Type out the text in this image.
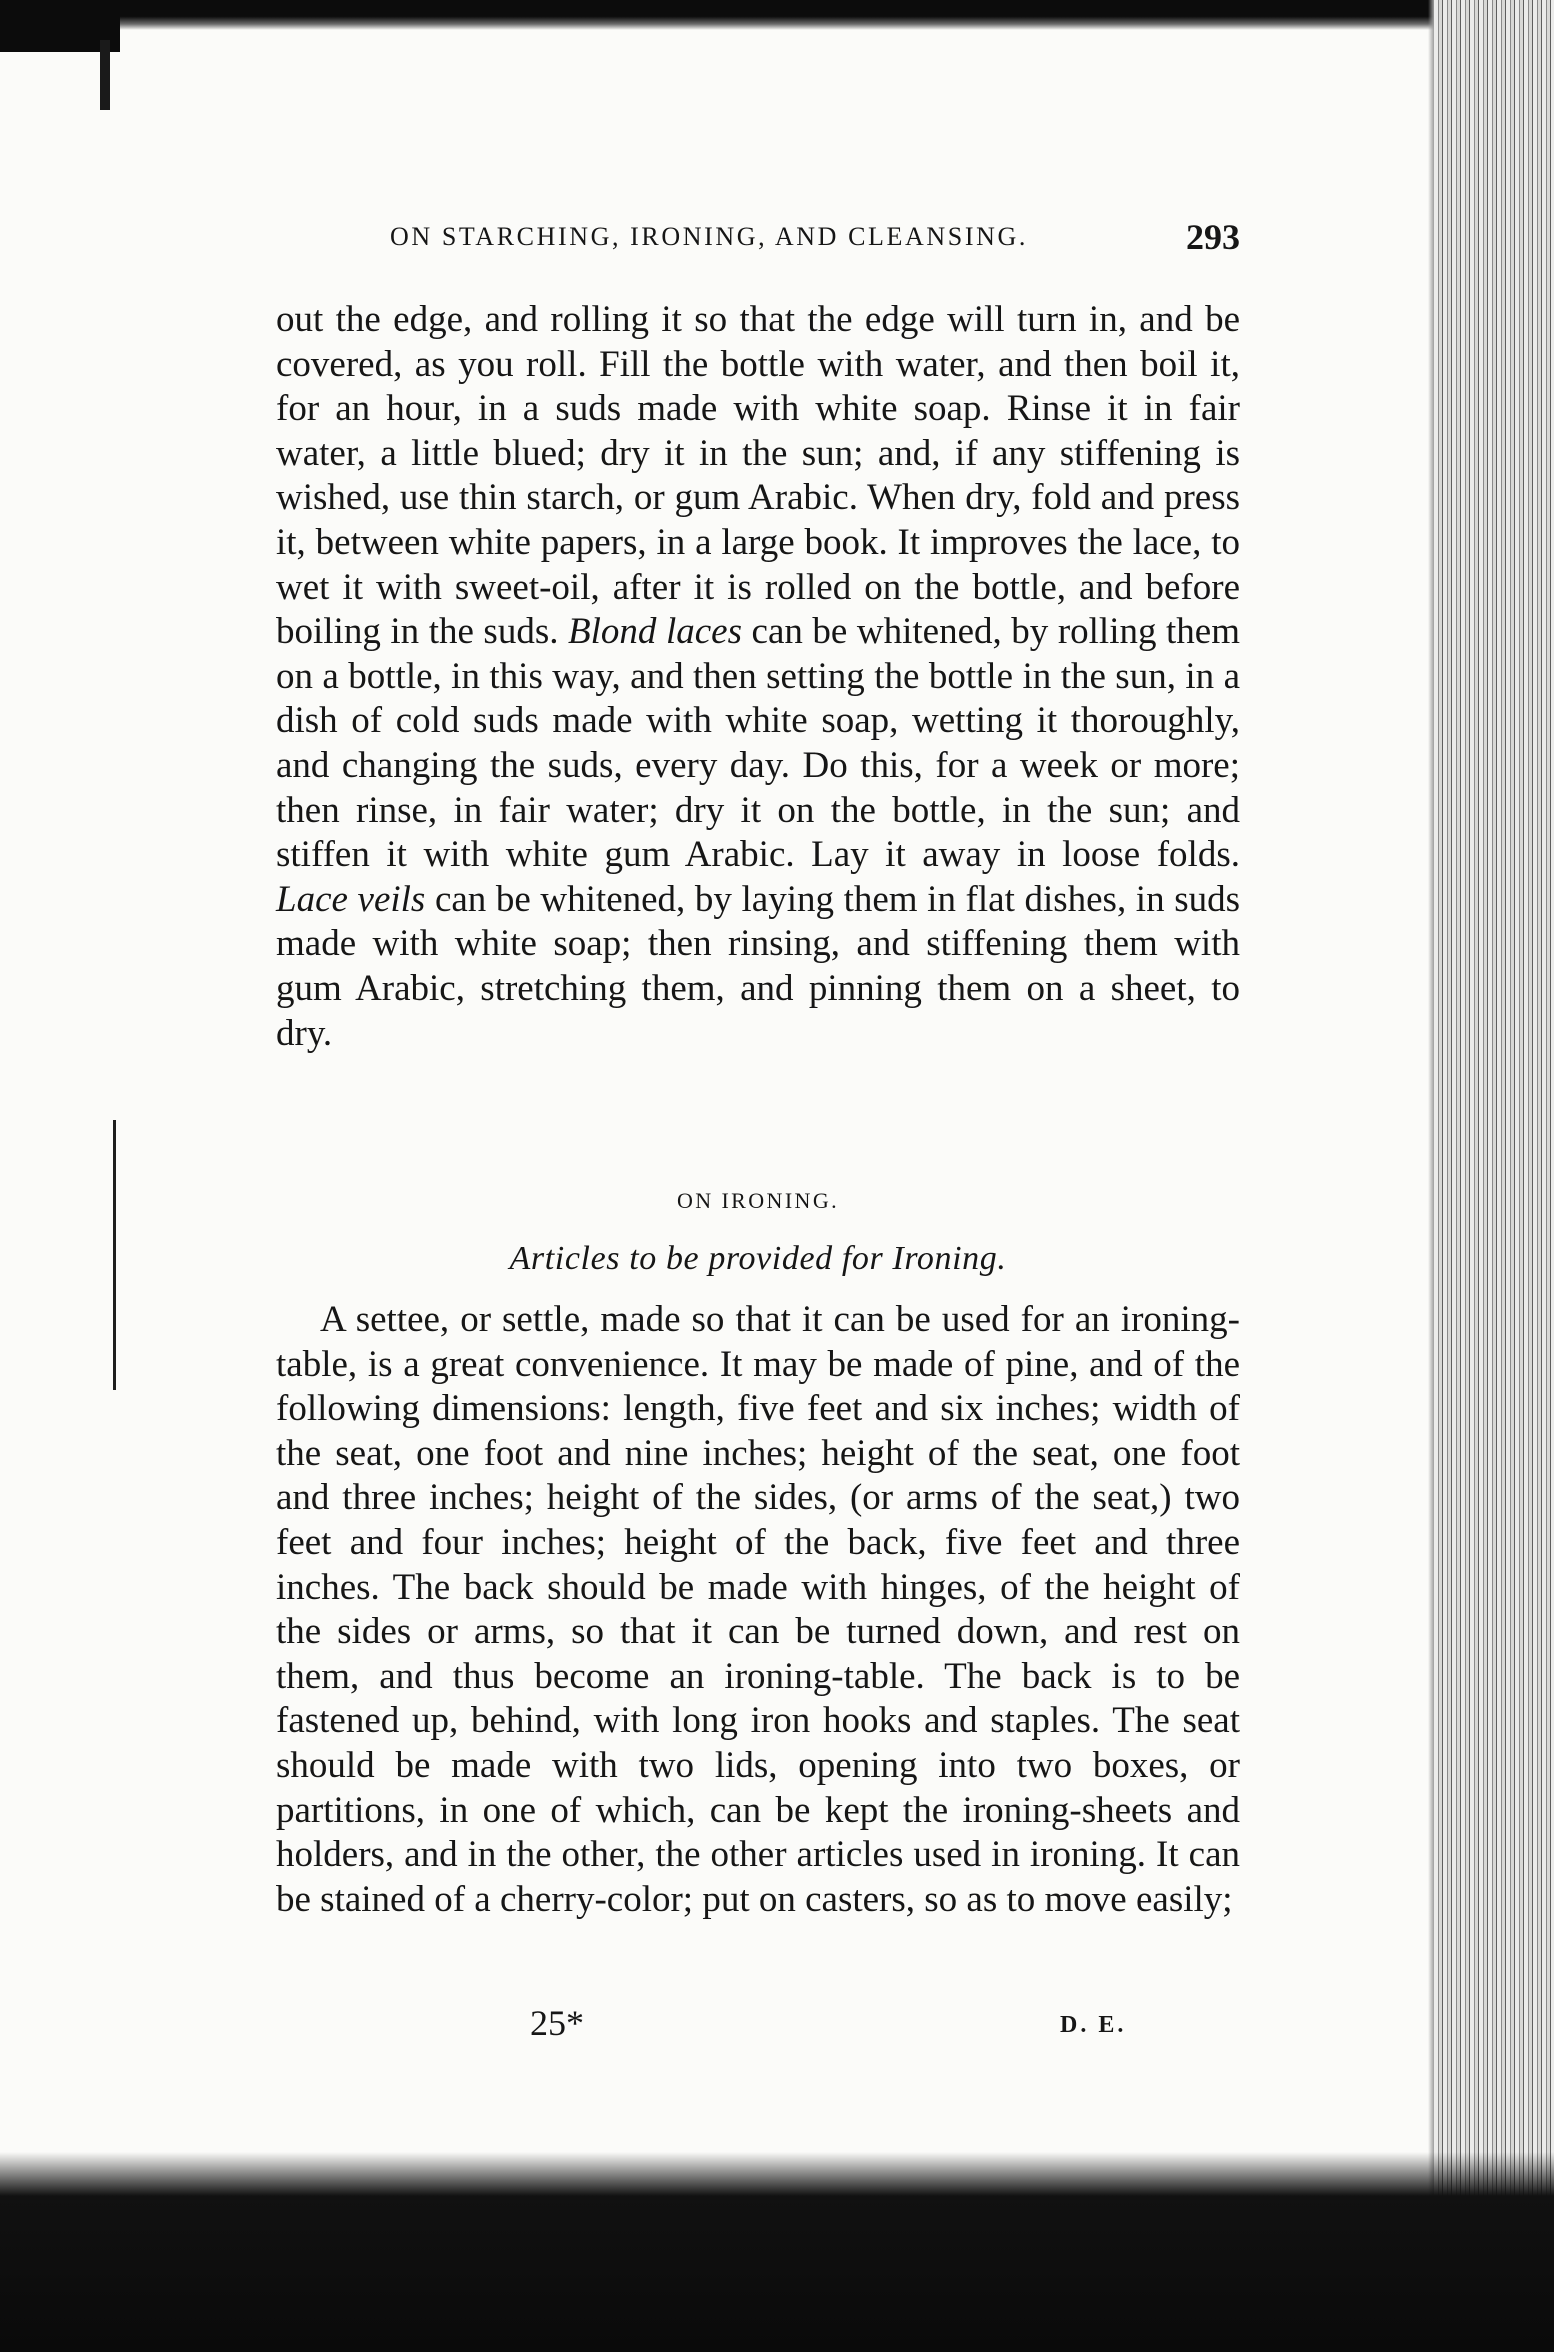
ON STARCHING, IRONING, AND CLEANSING.	293
out the edge, and rolling it so that the edge will turn in, and be covered, as you roll. Fill the bottle with water, and then boil it, for an hour, in a suds made with white soap. Rinse it in fair water, a little blued; dry it in the sun; and, if any stiffening is wished, use thin starch, or gum Arabic. When dry, fold and press it, between white papers, in a large book. It improves the lace, to wet it with sweet-oil, after it is rolled on the bottle, and before boiling in the suds. Blond laces can be whitened, by rolling them on a bottle, in this way, and then setting the bottle in the sun, in a dish of cold suds made with white soap, wetting it thoroughly, and changing the suds, every day. Do this, for a week or more; then rinse, in fair water; dry it on the bottle, in the sun; and stiffen it with white gum Arabic. Lay it away in loose folds. Lace veils can be whitened, by laying them in flat dishes, in suds made with white soap; then rinsing, and stiffening them with gum Arabic, stretching them, and pinning them on a sheet, to dry.
ON IRONING.
Articles to be provided for Ironing.
A settee, or settle, made so that it can be used for an ironing-table, is a great convenience. It may be made of pine, and of the following dimensions: length, five feet and six inches; width of the seat, one foot and nine inches; height of the seat, one foot and three inches; height of the sides, (or arms of the seat,) two feet and four inches; height of the back, five feet and three inches. The back should be made with hinges, of the height of the sides or arms, so that it can be turned down, and rest on them, and thus become an ironing-table. The back is to be fastened up, behind, with long iron hooks and staples. The seat should be made with two lids, opening into two boxes, or partitions, in one of which, can be kept the ironing-sheets and holders, and in the other, the other articles used in ironing. It can be stained of a cherry-color; put on casters, so as to move easily;
25*	D. E.
